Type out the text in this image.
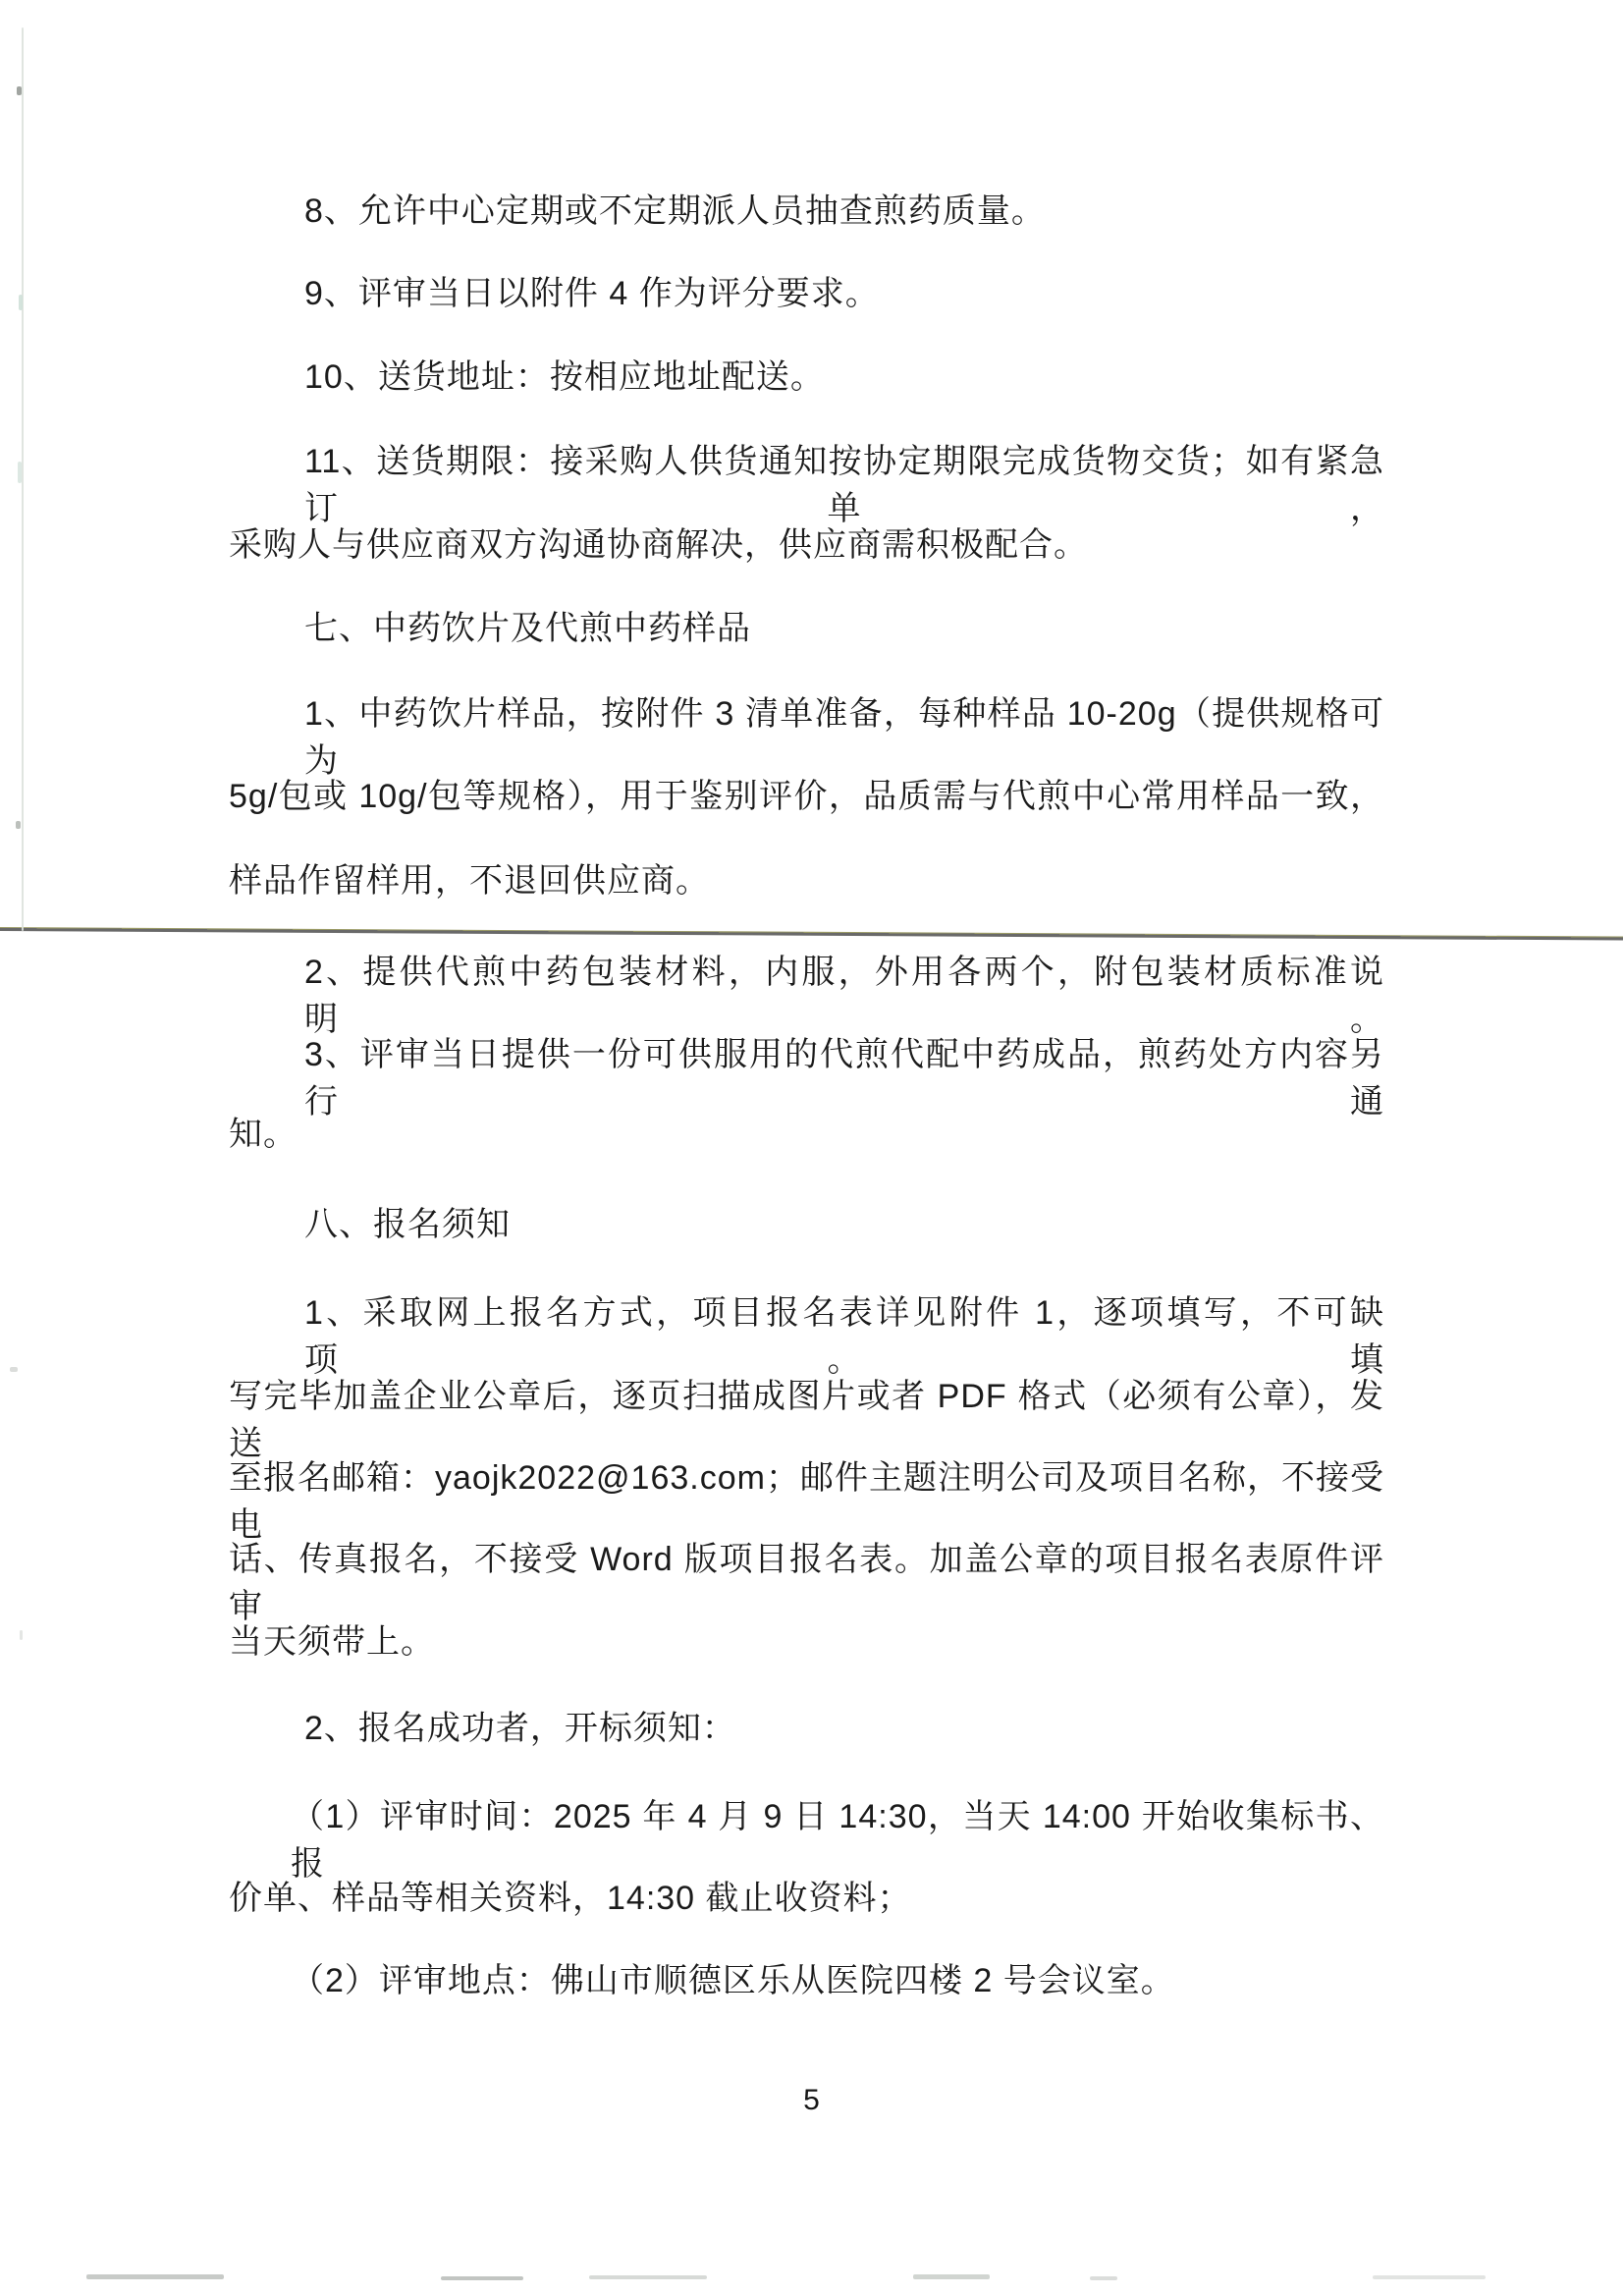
8、允许中心定期或不定期派人员抽查煎药质量。
9、评审当日以附件 4 作为评分要求。
10、送货地址：按相应地址配送。
11、送货期限：接采购人供货通知按协定期限完成货物交货；如有紧急订单，
采购人与供应商双方沟通协商解决，供应商需积极配合。
七、中药饮片及代煎中药样品
1、中药饮片样品，按附件 3 清单准备，每种样品 10-20g（提供规格可为
5g/包或 10g/包等规格），用于鉴别评价，品质需与代煎中心常用样品一致，
样品作留样用，不退回供应商。
2、提供代煎中药包装材料，内服，外用各两个，附包装材质标准说明。
3、评审当日提供一份可供服用的代煎代配中药成品，煎药处方内容另行通
知。
八、报名须知
1、采取网上报名方式，项目报名表详见附件 1，逐项填写，不可缺项。填
写完毕加盖企业公章后，逐页扫描成图片或者 PDF 格式（必须有公章），发送
至报名邮箱：yaojk2022@163.com；邮件主题注明公司及项目名称，不接受电
话、传真报名，不接受 Word 版项目报名表。加盖公章的项目报名表原件评审
当天须带上。
2、报名成功者，开标须知：
（1）评审时间：2025 年 4 月 9 日 14:30，当天 14:00 开始收集标书、报
价单、样品等相关资料，14:30 截止收资料；
（2）评审地点：佛山市顺德区乐从医院四楼 2 号会议室。
5
